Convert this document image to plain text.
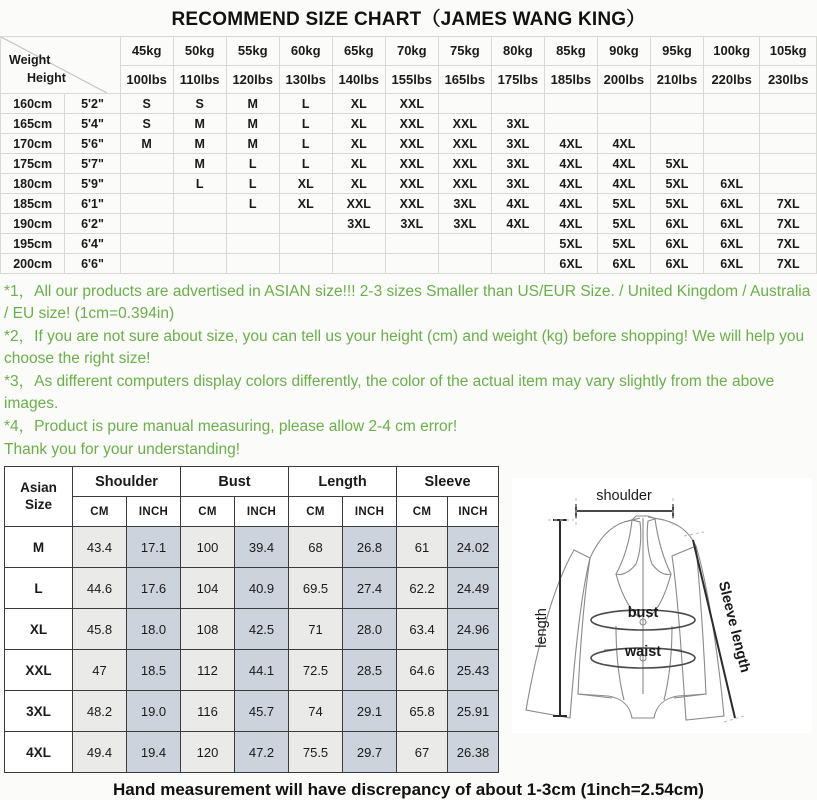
RECOMMEND SIZE CHART（JAMES WANG KING）
Weight
Height		45kg	50kg	55kg	60kg	65kg	70kg	75kg	80kg	85kg	90kg	95kg	100kg	105kg
		100lbs	110lbs	120lbs	130lbs	140lbs	155lbs	165lbs	175lbs	185lbs	200lbs	210lbs	220lbs	230lbs
160cm	5'2"	S	S	M	L	XL	XXL							
165cm	5'4"	S	M	M	L	XL	XXL	XXL	3XL					
170cm	5'6"	M	M	M	L	XL	XXL	XXL	3XL	4XL	4XL			
175cm	5'7"		M	L	L	XL	XXL	XXL	3XL	4XL	4XL	5XL		
180cm	5'9"		L	L	XL	XL	XXL	XXL	3XL	4XL	4XL	5XL	6XL	
185cm	6'1"			L	XL	XXL	XXL	3XL	4XL	4XL	5XL	5XL	6XL	7XL
190cm	6'2"					3XL	3XL	3XL	4XL	4XL	5XL	6XL	6XL	7XL
195cm	6'4"									5XL	5XL	6XL	6XL	7XL
200cm	6'6"									6XL	6XL	6XL	6XL	7XL

*1，All our products are advertised in ASIAN size!!! 2-3 sizes Smaller than US/EUR Size. / United Kingdom / Australia / EU size! (1cm=0.394in)

*2，If you are not sure about size, you can tell us your height (cm) and weight (kg) before shopping! We will help you choose the right size!

*3，As different computers display colors differently, the color of the actual item may vary slightly from the above images.

*4，Product is pure manual measuring, please allow 2-4 cm error!

Thank you for your understanding!

Asian
Size	Shoulder		Bust		Length		Sleeve	
	CM	INCH	CM	INCH	CM	INCH	CM	INCH
M	43.4	17.1	100	39.4	68	26.8	61	24.02
L	44.6	17.6	104	40.9	69.5	27.4	62.2	24.49
XL	45.8	18.0	108	42.5	71	28.0	63.4	24.96
XXL	47	18.5	112	44.1	72.5	28.5	64.6	25.43
3XL	48.2	19.0	116	45.7	74	29.1	65.8	25.91
4XL	49.4	19.4	120	47.2	75.5	29.7	67	26.38
shoulder
length	bust
waist	Sleeve length
Hand measurement will have discrepancy of about 1-3cm (1inch=2.54cm)
